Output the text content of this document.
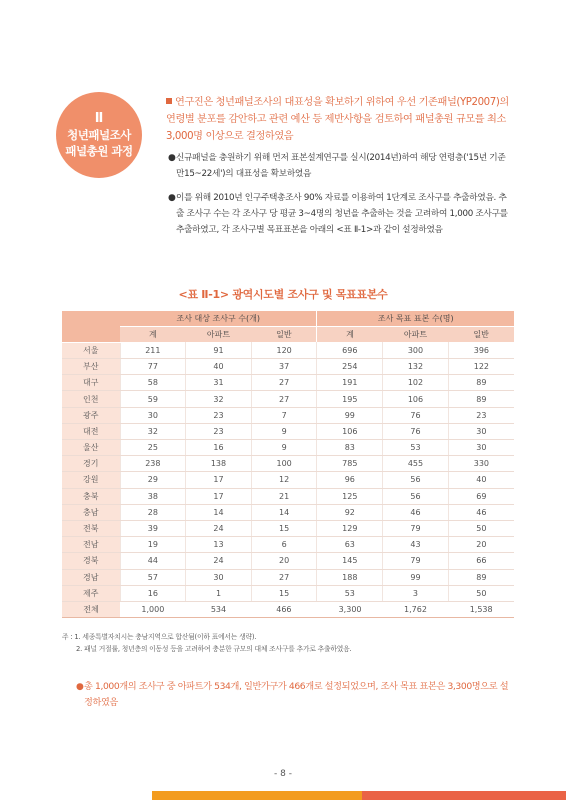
Ⅱ
청년패널조사
패널총원 과정
연구진은 청년패널조사의 대표성을 확보하기 위하여 우선 기존패널(YP2007)의 연령별 분포를 감안하고 관련 예산 등 제반사항을 검토하여 패널총원 규모를 최소 3,000명 이상으로 결정하였음
● 신규패널을 충원하기 위해 먼저 표본설계연구를 실시(2014년)하여 해당 연령층('15년 기준 만15~22세')의 대표성을 확보하였음
● 이를 위해 2010년 인구주택총조사 90% 자료를 이용하여 1단계로 조사구를 추출하였음. 추출 조사구 수는 각 조사구 당 평균 3~4명의 청년을 추출하는 것을 고려하여 1,000 조사구를 추출하였고, 각 조사구별 목표표본을 아래의 <표 Ⅱ-1>과 같이 설정하였음
<표 Ⅱ-1> 광역시도별 조사구 및 목표표본수
	조사 대상 조사구 수(개)			조사 목표 표본 수(명)		
	계	아파트	일반	계	아파트	일반
서울	211	91	120	696	300	396
부산	77	40	37	254	132	122
대구	58	31	27	191	102	89
인천	59	32	27	195	106	89
광주	30	23	7	99	76	23
대전	32	23	9	106	76	30
울산	25	16	9	83	53	30
경기	238	138	100	785	455	330
강원	29	17	12	96	56	40
충북	38	17	21	125	56	69
충남	28	14	14	92	46	46
전북	39	24	15	129	79	50
전남	19	13	6	63	43	20
경북	44	24	20	145	79	66
경남	57	30	27	188	99	89
제주	16	1	15	53	3	50
전체	1,000	534	466	3,300	1,762	1,538
주 : 1. 세종특별자치시는 충남지역으로 합산됨(이하 표에서는 생략).
2. 패널 거절률, 청년층의 이동성 등을 고려하여 충분한 규모의 대체 조사구를 추가로 추출하였음.
● 총 1,000개의 조사구 중 아파트가 534개, 일반가구가 466개로 설정되었으며, 조사 목표 표본은 3,300명으로 설정하였음
- 8 -
